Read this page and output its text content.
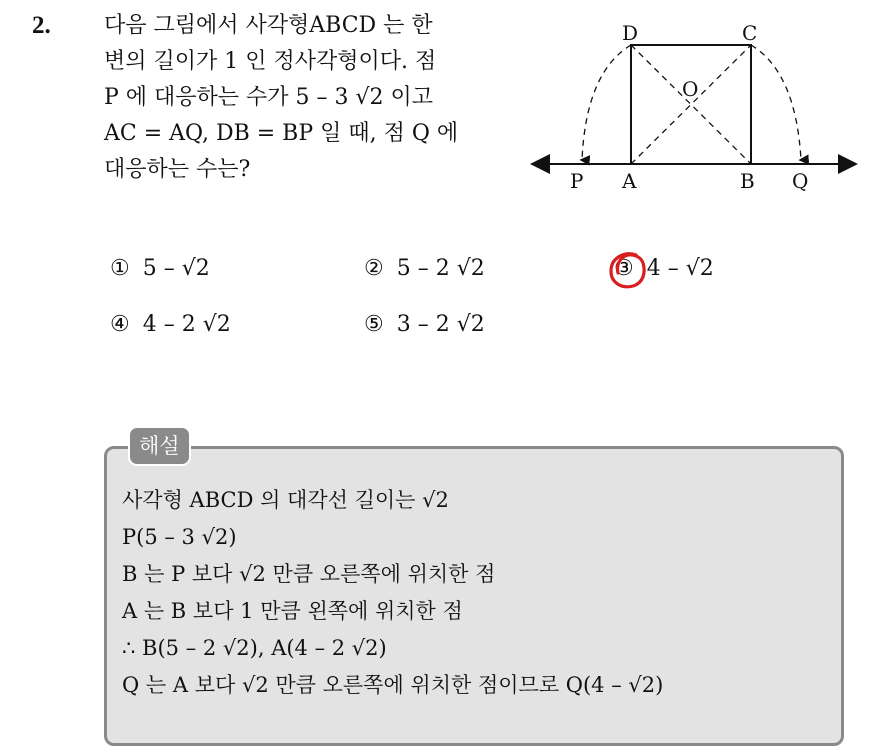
2. 다음 그림에서 사각형ABCD 는 한
변의 길이가 1 인 정사각형이다. 점
P 에 대응하는 수가 5 – 3 √2 이고
AC = AQ, DB = BP 일 때, 점 Q 에
대응하는 수는?

D	C
O
P A	B Q
① 5 – √2	② 5 – 2 √2	③ 4 – √2
④ 4 – 2 √2	⑤ 3 – 2 √2
해설

사각형 ABCD 의 대각선 길이는 √2
P(5 – 3 √2)
B 는 P 보다 √2 만큼 오른쪽에 위치한 점
A 는 B 보다 1 만큼 왼쪽에 위치한 점
∴ B(5 – 2 √2), A(4 – 2 √2)
Q 는 A 보다 √2 만큼 오른쪽에 위치한 점이므로 Q(4 – √2)
